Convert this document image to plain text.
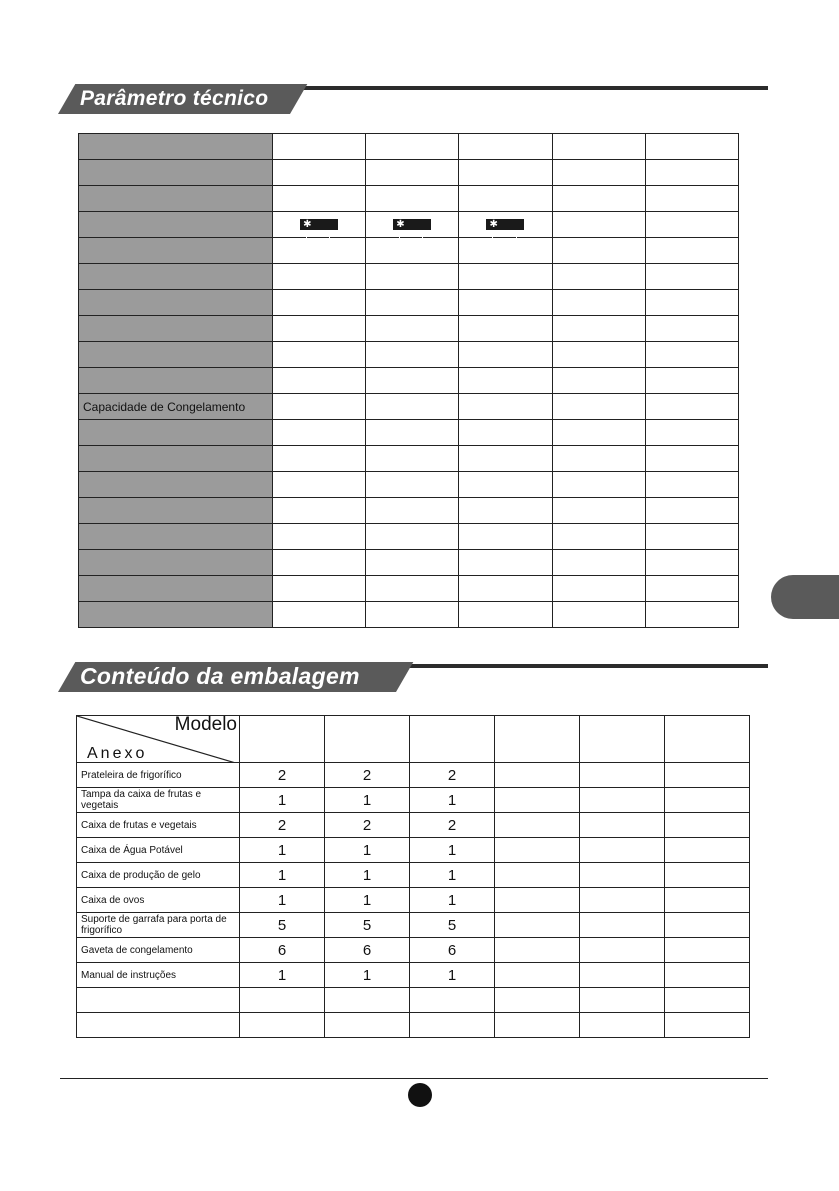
Parâmetro técnico

	✱✱✱✱	✱✱✱✱	✱✱✱✱		

Capacidade de Congelamento					

Conteúdo da embalagem
Modelo
Anexo						

Prateleira de frigorífico	2	2	2			
Tampa da caixa de frutas e vegetais	1	1	1			
Caixa de frutas e vegetais	2	2	2			
Caixa de Água Potável	1	1	1			
Caixa de produção de gelo	1	1	1			
Caixa de ovos	1	1	1			
Suporte de garrafa para porta de frigorífico	5	5	5			
Gaveta de congelamento	6	6	6			
Manual de instruções	1	1	1			
